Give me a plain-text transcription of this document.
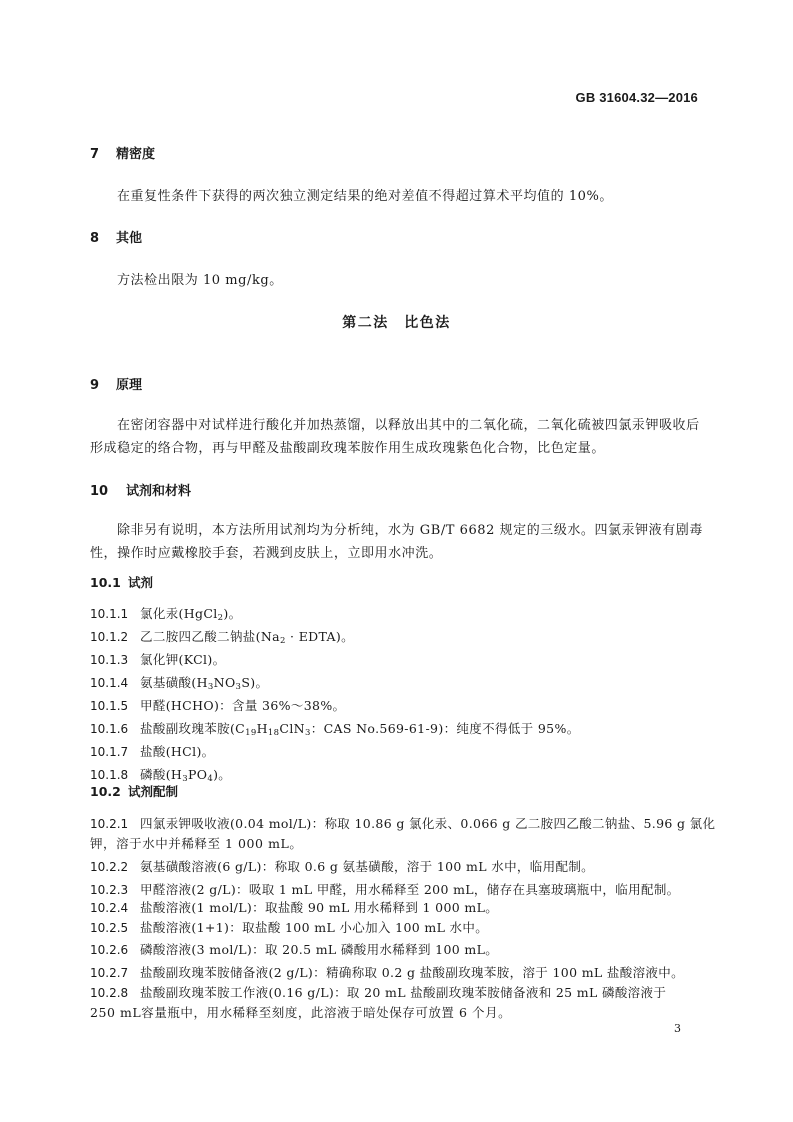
GB 31604.32—2016
7 精密度
在重复性条件下获得的两次独立测定结果的绝对差值不得超过算术平均值的 10%。
8 其他
方法检出限为 10 mg/kg。
第二法　比色法
9 原理
在密闭容器中对试样进行酸化并加热蒸馏，以释放出其中的二氧化硫，二氧化硫被四氯汞钾吸收后
形成稳定的络合物，再与甲醛及盐酸副玫瑰苯胺作用生成玫瑰紫色化合物，比色定量。
10 试剂和材料
除非另有说明，本方法所用试剂均为分析纯，水为 GB/T 6682 规定的三级水。四氯汞钾液有剧毒
性，操作时应戴橡胶手套，若溅到皮肤上，立即用水冲洗。
10.1 试剂
10.1.1 氯化汞(HgCl$_2$)。
10.1.2 乙二胺四乙酸二钠盐($Na_2$ · EDTA)。
10.1.3 氯化钾(KCl)。
10.1.4 氨基磺酸$(H_3NO_3S)$。
10.1.5 甲醛(HCHO)：含量 36%～38%。
10.1.6 盐酸副玫瑰苯胺($C_{19}H_{18}ClN_3$：CAS No.569-61-9)：纯度不得低于 95%。
10.1.7 盐酸(HCl)。
10.1.8 磷酸$(H_3PO_4)$。
10.2 试剂配制
10.2.1 四氯汞钾吸收液(0.04 mol/L)：称取 10.86 g 氯化汞、0.066 g 乙二胺四乙酸二钠盐、5.96 g 氯化
钾，溶于水中并稀释至 1 000 mL。
10.2.2 氨基磺酸溶液(6 g/L)：称取 0.6 g 氨基磺酸，溶于 100 mL 水中，临用配制。
10.2.3 甲醛溶液(2 g/L)：吸取 1 mL 甲醛，用水稀释至 200 mL，储存在具塞玻璃瓶中，临用配制。
10.2.4 盐酸溶液(1 mol/L)：取盐酸 90 mL 用水稀释到 1 000 mL。
10.2.5 盐酸溶液(1+1)：取盐酸 100 mL 小心加入 100 mL 水中。
10.2.6 磷酸溶液(3 mol/L)：取 20.5 mL 磷酸用水稀释到 100 mL。
10.2.7 盐酸副玫瑰苯胺储备液(2 g/L)：精确称取 0.2 g 盐酸副玫瑰苯胺，溶于 100 mL 盐酸溶液中。
10.2.8 盐酸副玫瑰苯胺工作液(0.16 g/L)：取 20 mL 盐酸副玫瑰苯胺储备液和 25 mL 磷酸溶液于
250 mL容量瓶中，用水稀释至刻度，此溶液于暗处保存可放置 6 个月。
3
